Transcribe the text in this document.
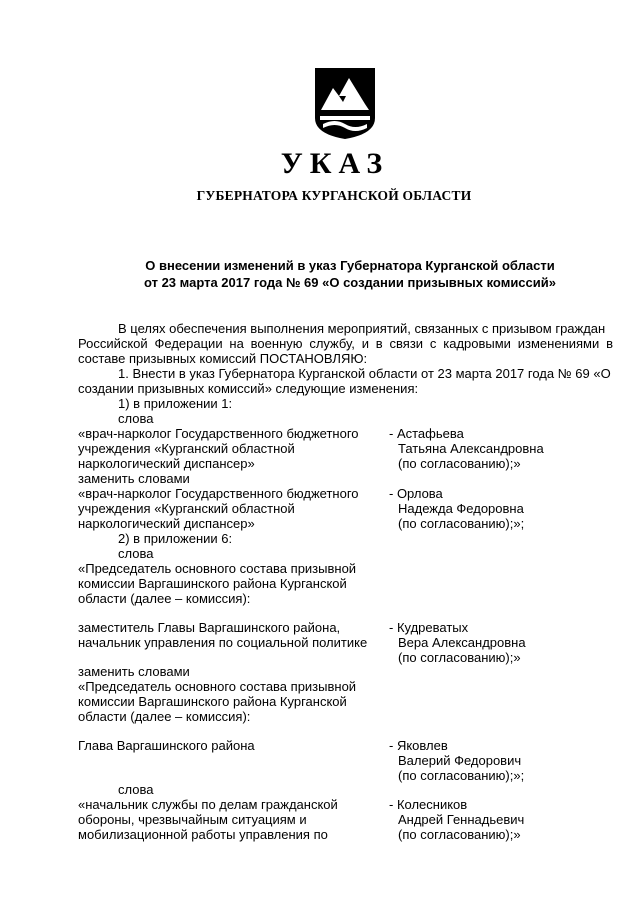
УКАЗ
ГУБЕРНАТОРА КУРГАНСКОЙ ОБЛАСТИ
О внесении изменений в указ Губернатора Курганской области
от 23 марта 2017 года № 69 «О создании призывных комиссий»
В целях обеспечения выполнения мероприятий, связанных с призывом граждан
Российской Федерации на военную службу, и в связи с кадровыми изменениями в
составе призывных комиссий ПОСТАНОВЛЯЮ:
1. Внести в указ Губернатора Курганской области от 23 марта 2017 года № 69 «О
создании призывных комиссий» следующие изменения:
1) в приложении 1:
слова
«врач-нарколог Государственного бюджетного
учреждения «Курганский областной
наркологический диспансер»
- Астафьева
Татьяна Александровна
(по согласованию);»
заменить словами
«врач-нарколог Государственного бюджетного
учреждения «Курганский областной
наркологический диспансер»
- Орлова
Надежда Федоровна
(по согласованию);»;
2) в приложении 6:
слова
«Председатель основного состава призывной
комиссии Варгашинского района Курганской
области (далее – комиссия):
заместитель Главы Варгашинского района,
начальник управления по социальной политике
- Кудреватых
Вера Александровна
(по согласованию);»
заменить словами
«Председатель основного состава призывной
комиссии Варгашинского района Курганской
области (далее – комиссия):
Глава Варгашинского района	- Яковлев
Валерий Федорович
(по согласованию);»;
слова
«начальник службы по делам гражданской
обороны, чрезвычайным ситуациям и
мобилизационной работы управления по
- Колесников
Андрей Геннадьевич
(по согласованию);»
